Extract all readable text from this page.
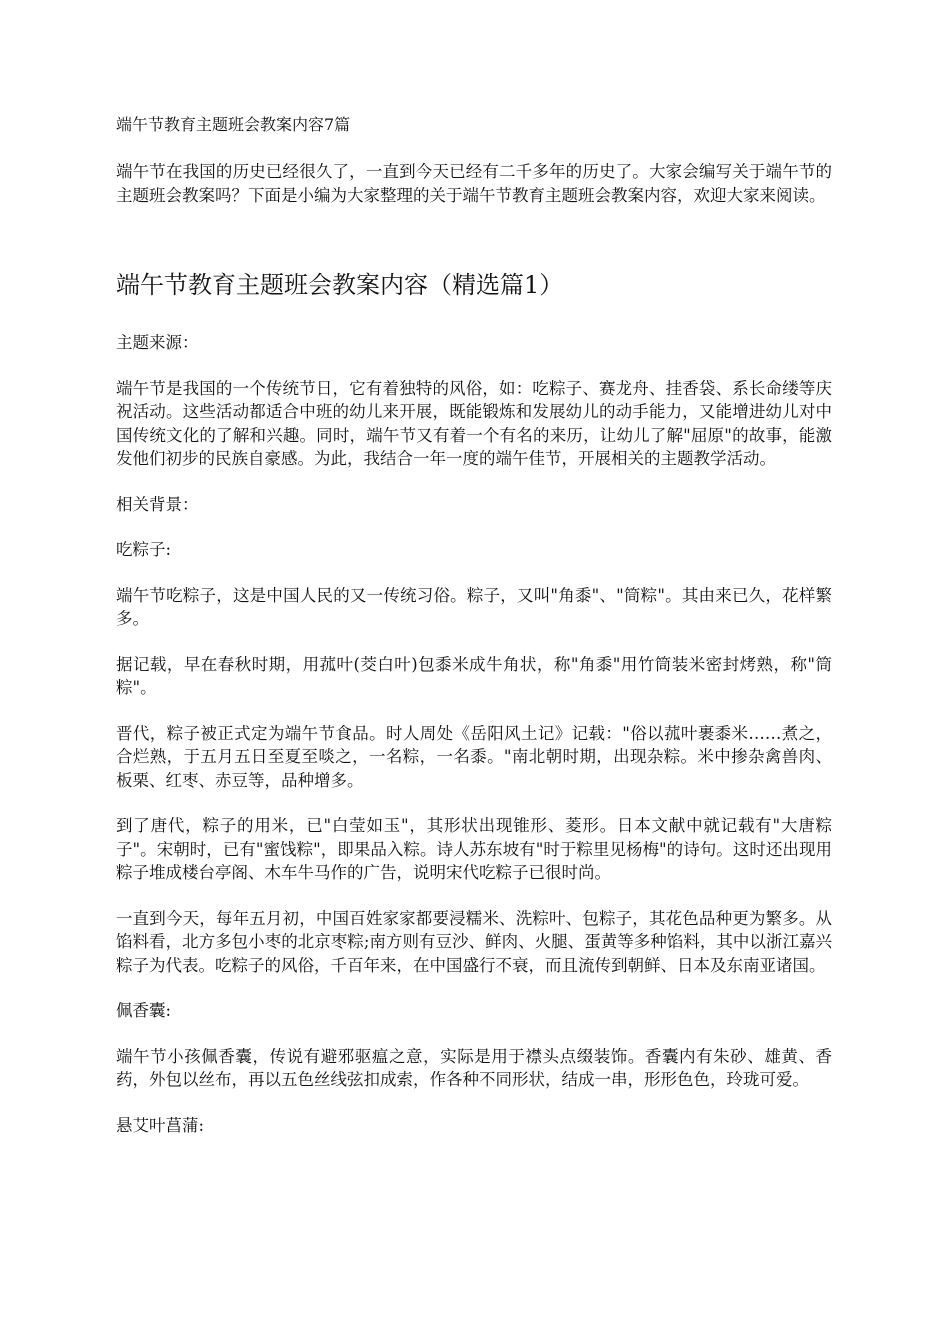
端午节教育主题班会教案内容7篇
端午节在我国的历史已经很久了，一直到今天已经有二千多年的历史了。大家会编写关于端午节的主题班会教案吗？下面是小编为大家整理的关于端午节教育主题班会教案内容，欢迎大家来阅读。
端午节教育主题班会教案内容（精选篇1）
主题来源：
端午节是我国的一个传统节日，它有着独特的风俗，如：吃粽子、赛龙舟、挂香袋、系长命缕等庆祝活动。这些活动都适合中班的幼儿来开展，既能锻炼和发展幼儿的动手能力，又能增进幼儿对中国传统文化的了解和兴趣。同时，端午节又有着一个有名的来历，让幼儿了解"屈原"的故事，能激发他们初步的民族自豪感。为此，我结合一年一度的端午佳节，开展相关的主题教学活动。
相关背景：
吃粽子:
端午节吃粽子，这是中国人民的又一传统习俗。粽子，又叫"角黍"、"筒粽"。其由来已久，花样繁多。
据记载，早在春秋时期，用菰叶(茭白叶)包黍米成牛角状，称"角黍"用竹筒装米密封烤熟，称"筒粽"。
晋代，粽子被正式定为端午节食品。时人周处《岳阳风土记》记载："俗以菰叶裹黍米……煮之，合烂熟，于五月五日至夏至啖之，一名粽，一名黍。"南北朝时期，出现杂粽。米中掺杂禽兽肉、板栗、红枣、赤豆等，品种增多。
到了唐代，粽子的用米，已"白莹如玉"，其形状出现锥形、菱形。日本文献中就记载有"大唐粽子"。宋朝时，已有"蜜饯粽"，即果品入粽。诗人苏东坡有"时于粽里见杨梅"的诗句。这时还出现用粽子堆成楼台亭阁、木车牛马作的广告，说明宋代吃粽子已很时尚。
一直到今天，每年五月初，中国百姓家家都要浸糯米、洗粽叶、包粽子，其花色品种更为繁多。从馅料看，北方多包小枣的北京枣粽;南方则有豆沙、鲜肉、火腿、蛋黄等多种馅料，其中以浙江嘉兴粽子为代表。吃粽子的风俗，千百年来，在中国盛行不衰，而且流传到朝鲜、日本及东南亚诸国。
佩香囊:
端午节小孩佩香囊，传说有避邪驱瘟之意，实际是用于襟头点缀装饰。香囊内有朱砂、雄黄、香药，外包以丝布，再以五色丝线弦扣成索，作各种不同形状，结成一串，形形色色，玲珑可爱。
悬艾叶菖蒲:
